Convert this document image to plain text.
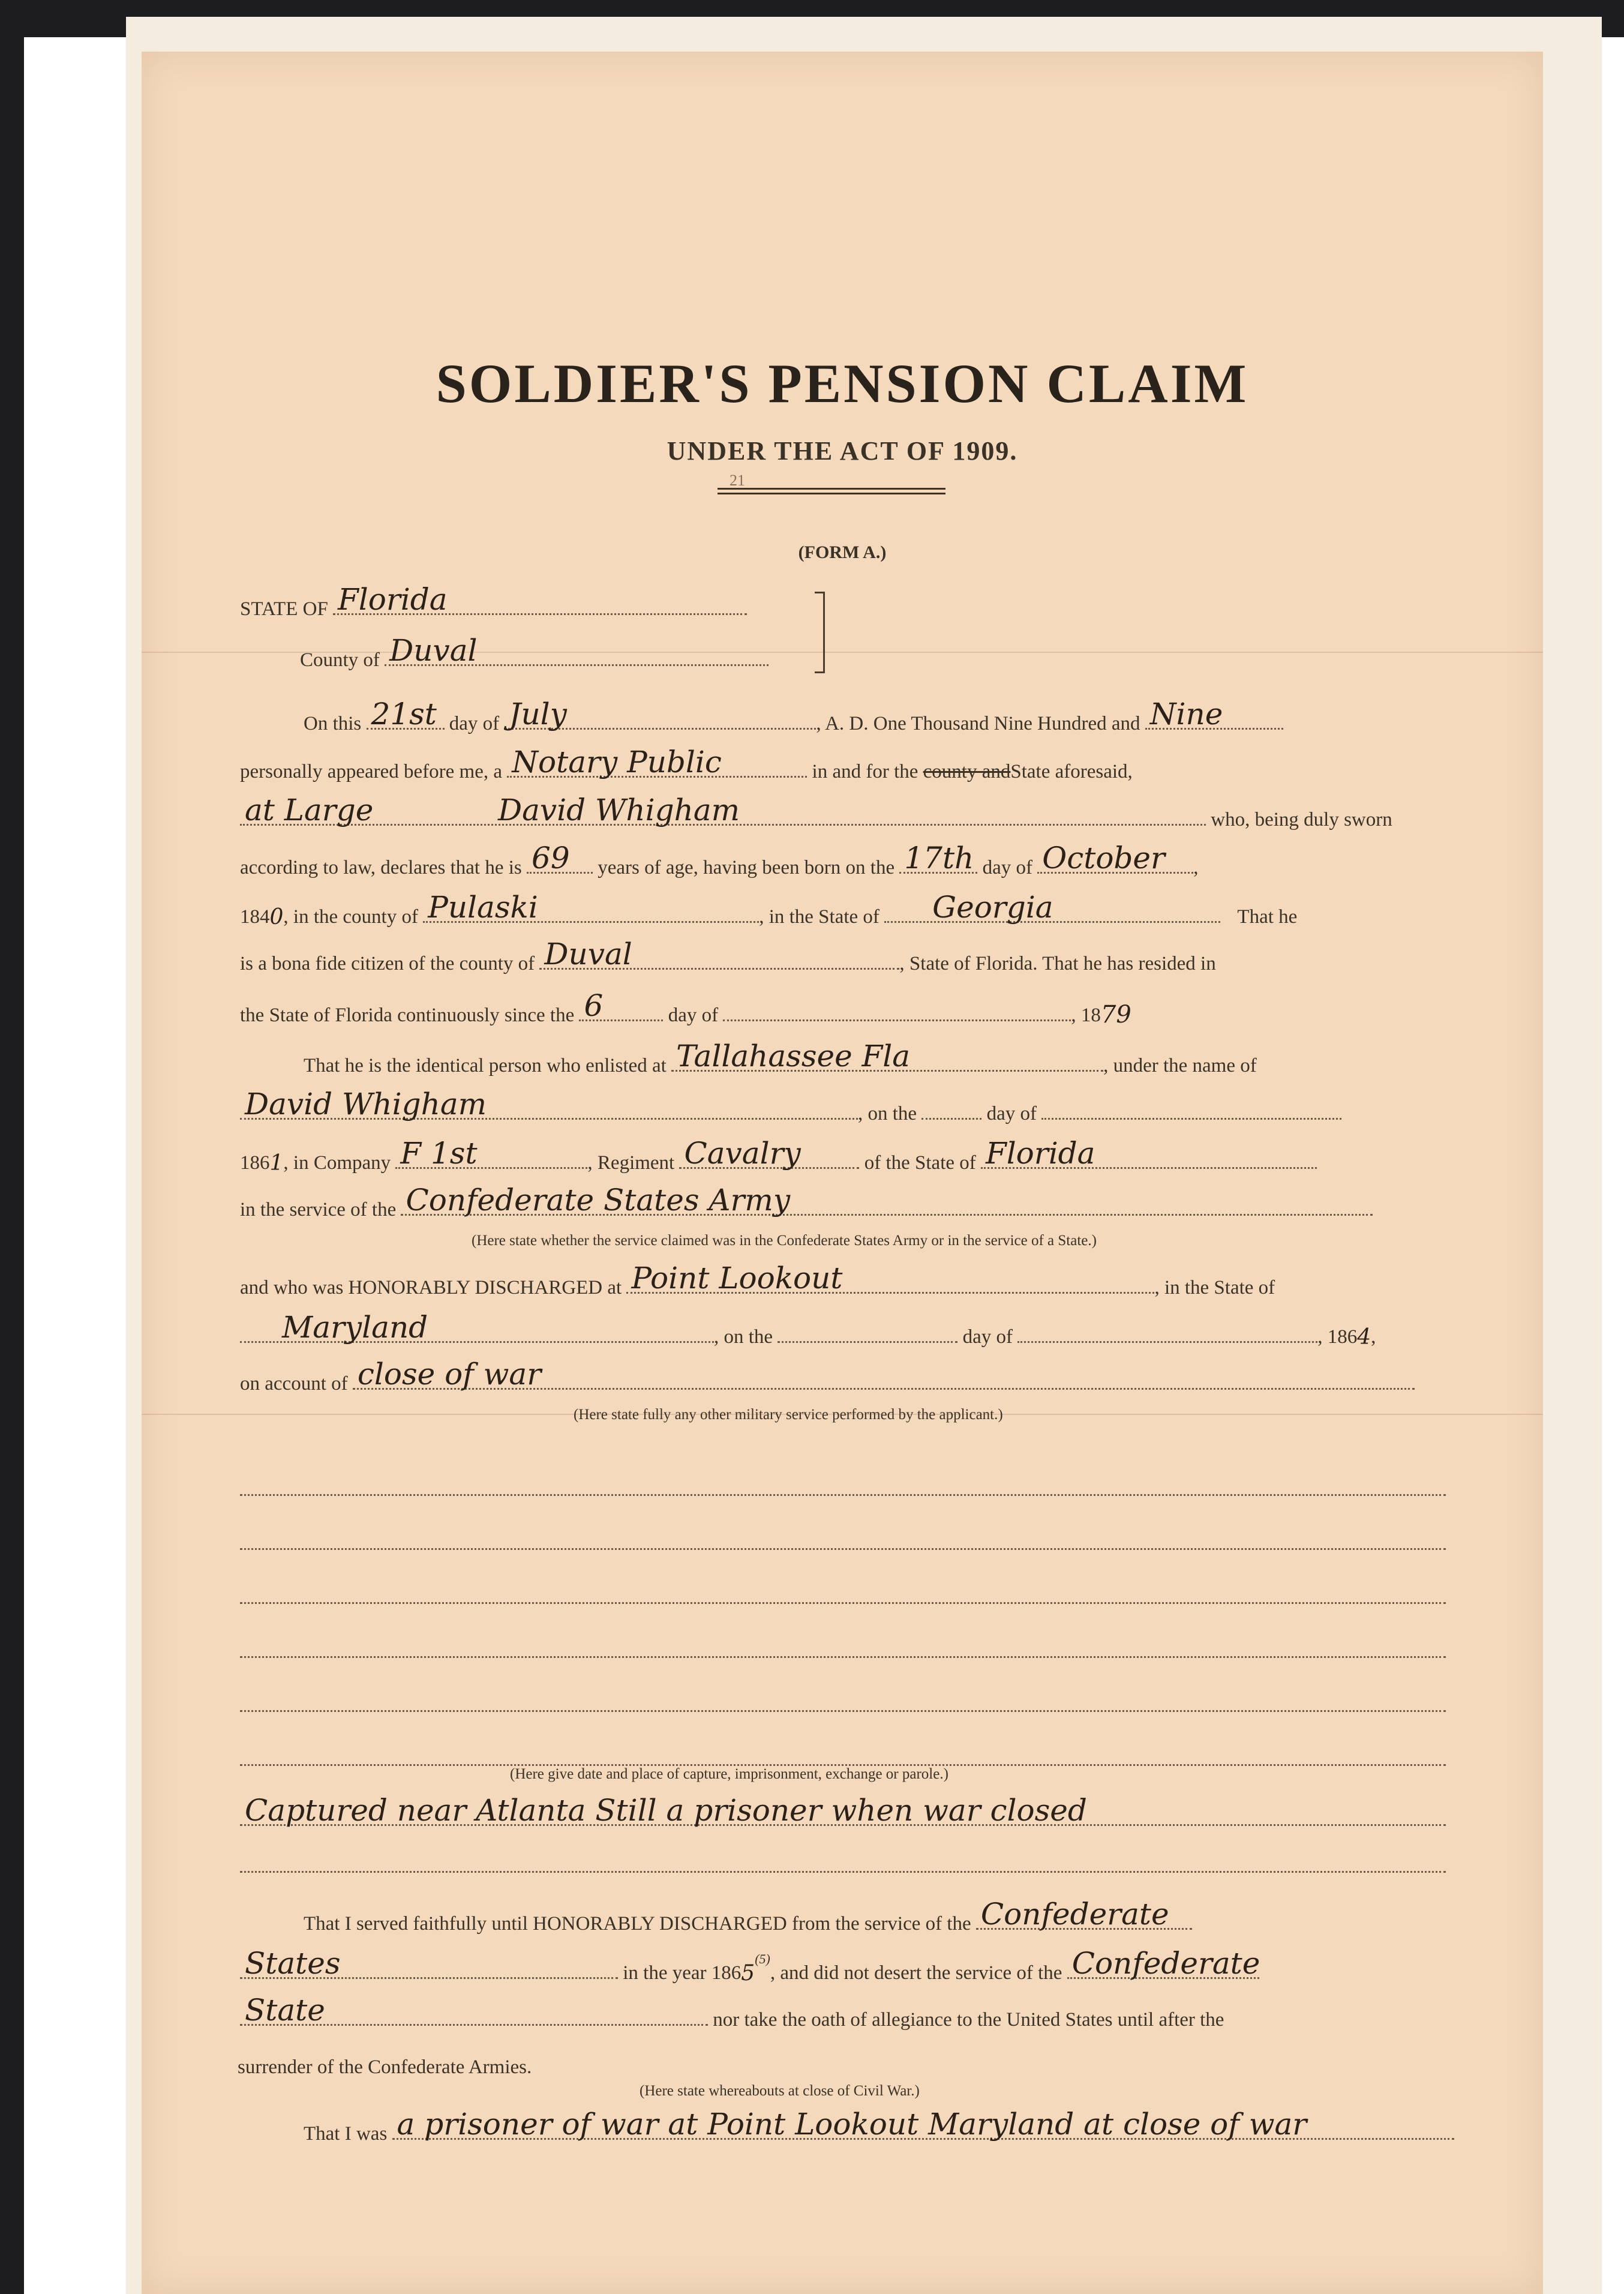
SOLDIER'S PENSION CLAIM
UNDER THE ACT OF 1909.
21
(FORM A.)
STATE OF Florida
County of Duval
On this 21st day of July	, A. D. One Thousand Nine Hundred and Nine
personally appeared before me, a Notary Public	in and for the county andState aforesaid,
at Large	David Whigham	who, being duly sworn
according to law, declares that he is 69 years of age, having been born on the 17th day of October ,
1840, in the county of Pulaski	, in the State of Georgia	That he
is a bona fide citizen of the county of Duval	, State of Florida. That he has resided in
the State of Florida continuously since the 6	day of	, 1879
That he is the identical person who enlisted at Tallahassee Fla	, under the name of
David Whigham	, on the	day of
1861, in Company F 1st	, Regiment Cavalry	of the State of Florida
in the service of the Confederate States Army
(Here state whether the service claimed was in the Confederate States Army or in the service of a State.)
and who was HONORABLY DISCHARGED at Point Lookout	, in the State of
Maryland	, on the	day of	, 1864,
on account of close of war
(Here state fully any other military service performed by the applicant.)
(Here give date and place of capture, imprisonment, exchange or parole.)
Captured near Atlanta Still a prisoner when war closed
That I served faithfully until HONORABLY DISCHARGED from the service of the Confederate
States	in the year 1865$^{(5)}$, and did not desert the service of the Confederate
State	nor take the oath of allegiance to the United States until after the
surrender of the Confederate Armies.
(Here state whereabouts at close of Civil War.)
That I was a prisoner of war at Point Lookout Maryland at close of war
